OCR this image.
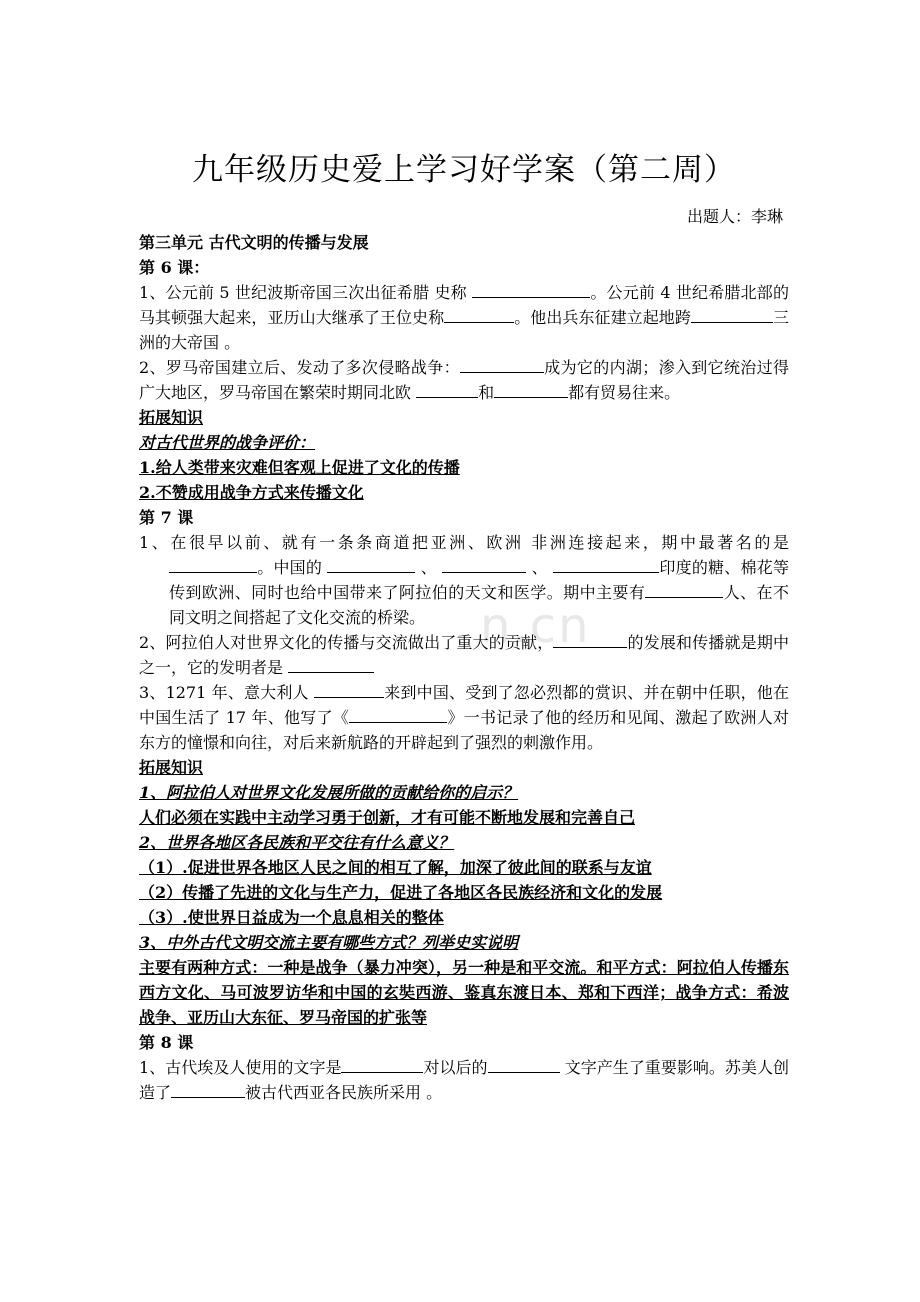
n.cn
九年级历史爱上学习好学案（第二周）
出题人：李琳
第三单元 古代文明的传播与发展
第 6 课：
1、公元前 5 世纪波斯帝国三次出征希腊 史称	。公元前 4 世纪希腊北部的马其顿强大起来，亚历山大继承了王位史称	。他出兵东征建立起地跨	三洲的大帝国 。
2、罗马帝国建立后、发动了多次侵略战争：	成为它的内湖；渗入到它统治过得广大地区，罗马帝国在繁荣时期同北欧	和	都有贸易往来。
拓展知识
对古代世界的战争评价：
1.给人类带来灾难但客观上促进了文化的传播
2.不赞成用战争方式来传播文化
第 7 课
1、在很早以前、就有一条条商道把亚洲、欧洲 非洲连接起来，期中最著名的是 。中国的	、	、	印度的糖、棉花等传到欧洲、同时也给中国带来了阿拉伯的天文和医学。期中主要有	人、在不同文明之间搭起了文化交流的桥梁。
2、阿拉伯人对世界文化的传播与交流做出了重大的贡献，	的发展和传播就是期中之一，它的发明者是
3、1271 年、意大利人	来到中国、受到了忽必烈都的赏识、并在朝中任职，他在中国生活了 17 年、他写了《	》一书记录了他的经历和见闻、激起了欧洲人对东方的憧憬和向往，对后来新航路的开辟起到了强烈的刺激作用。
拓展知识
1、阿拉伯人对世界文化发展所做的贡献给你的启示？
人们必须在实践中主动学习勇于创新，才有可能不断地发展和完善自己
2、世界各地区各民族和平交往有什么意义？
（1）.促进世界各地区人民之间的相互了解，加深了彼此间的联系与友谊
（2）传播了先进的文化与生产力，促进了各地区各民族经济和文化的发展
（3）.使世界日益成为一个息息相关的整体
3、中外古代文明交流主要有哪些方式？列举史实说明
主要有两种方式：一种是战争（暴力冲突），另一种是和平交流。和平方式：阿拉伯人传播东西方文化、马可波罗访华和中国的玄奘西游、鉴真东渡日本、郑和下西洋；战争方式：希波战争、亚历山大东征、罗马帝国的扩张等
第 8 课
1、古代埃及人使用的文字是	对以后的	文字产生了重要影响。苏美人创造了	被古代西亚各民族所采用 。
